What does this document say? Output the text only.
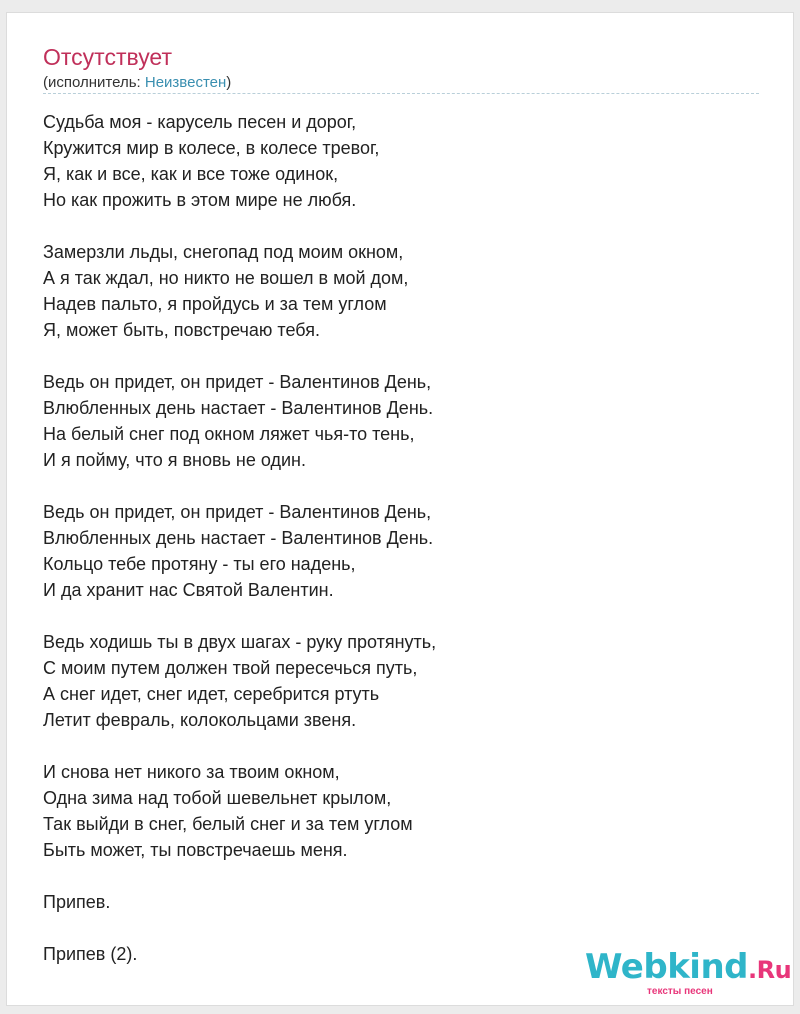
Отсутствует
(исполнитель: Неизвестен)
Судьба моя - карусель песен и дорог,
Кружится мир в колесе, в колесе тревог,
Я, как и все, как и все тоже одинок,
Но как прожить в этом мире не любя.
Замерзли льды, снегопад под моим окном,
А я так ждал, но никто не вошел в мой дом,
Надев пальто, я пройдусь и за тем углом
Я, может быть, повстречаю тебя.
Ведь он придет, он придет - Валентинов День,
Влюбленных день настает - Валентинов День.
На белый снег под окном ляжет чья-то тень,
И я пойму, что я вновь не один.
Ведь он придет, он придет - Валентинов День,
Влюбленных день настает - Валентинов День.
Кольцо тебе протяну - ты его надень,
И да хранит нас Святой Валентин.
Ведь ходишь ты в двух шагах - руку протянуть,
С моим путем должен твой пересечься путь,
А снег идет, снег идет, серебрится ртуть
Летит февраль, колокольцами звеня.
И снова нет никого за твоим окном,
Одна зима над тобой шевельнет крылом,
Так выйди в снег, белый снег и за тем углом
Быть может, ты повстречаешь меня.
Припев.
Припев (2).	Webkind.Ru
тексты песен
